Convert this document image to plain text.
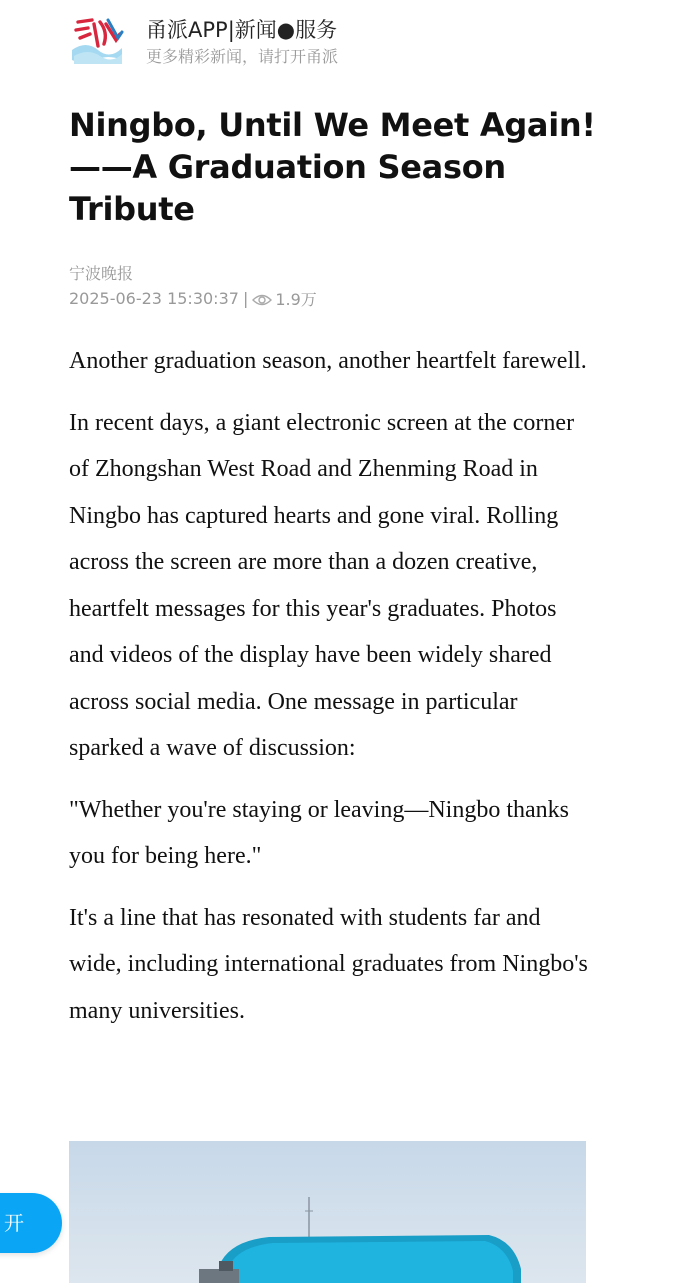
甬派APP|新闻●服务
更多精彩新闻，请打开甬派
Ningbo, Until We Meet Again!
——A Graduation Season
Tribute
宁波晚报
2025-06-23 15:30:37 | 1.9万

Another graduation season, another heartfelt farewell.

In recent days, a giant electronic screen at the corner of Zhongshan West Road and Zhenming Road in Ningbo has captured hearts and gone viral. Rolling across the screen are more than a dozen creative, heartfelt messages for this year's graduates. Photos and videos of the display have been widely shared across social media. One message in particular sparked a wave of discussion:

"Whether you're staying or leaving—Ningbo thanks you for being here."

It's a line that has resonated with students far and wide, including international graduates from Ningbo's many universities.

开
